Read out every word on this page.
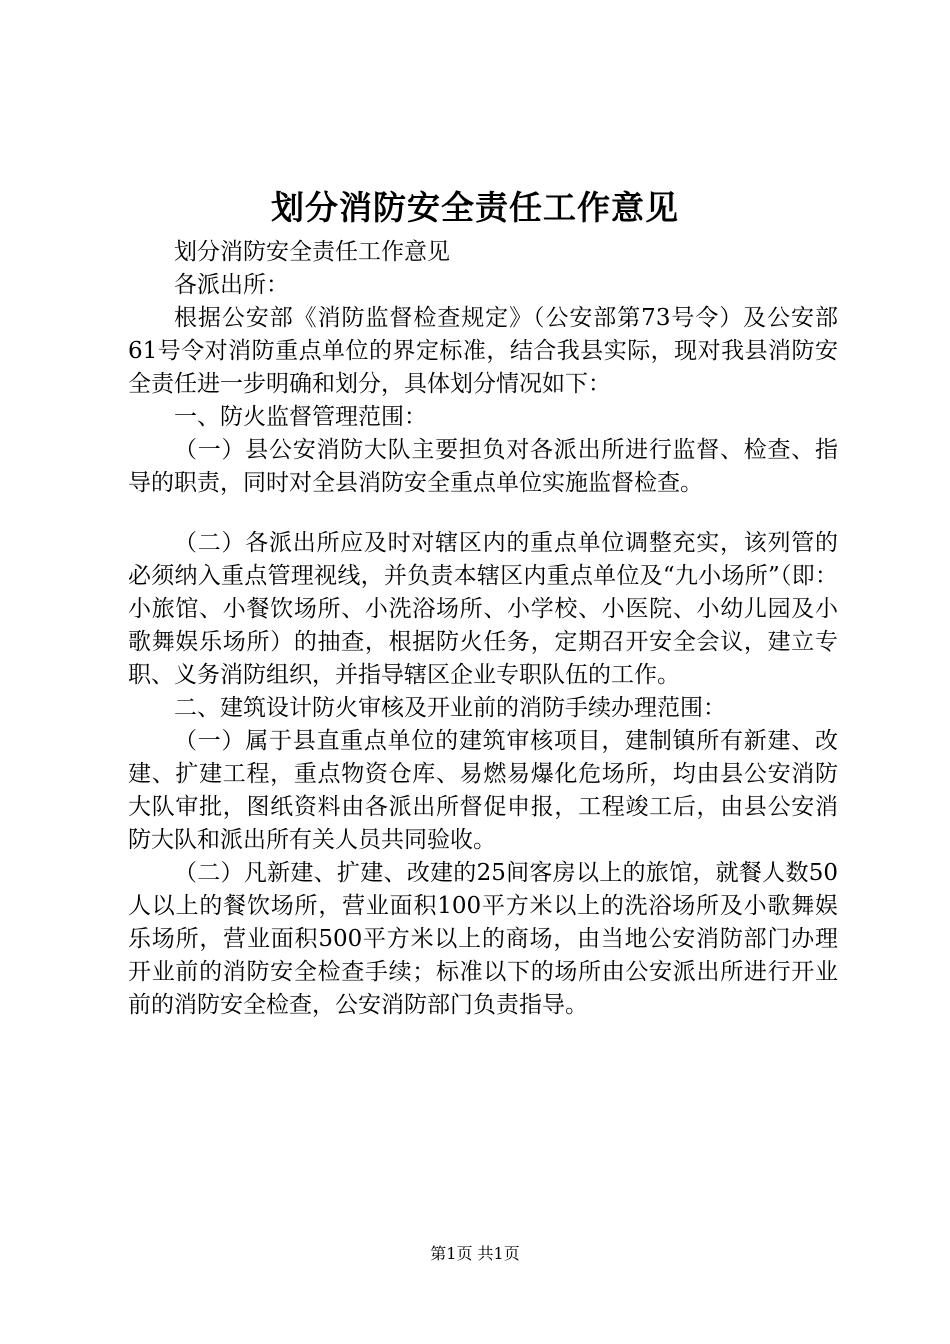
划分消防安全责任工作意见

划分消防安全责任工作意见

各派出所：

根据公安部《消防监督检查规定》（公安部第73号令）及公安部61号令对消防重点单位的界定标准，结合我县实际，现对我县消防安全责任进一步明确和划分，具体划分情况如下：

一、防火监督管理范围：

（一）县公安消防大队主要担负对各派出所进行监督、检查、指导的职责，同时对全县消防安全重点单位实施监督检查。

（二）各派出所应及时对辖区内的重点单位调整充实，该列管的必须纳入重点管理视线，并负责本辖区内重点单位及“九小场所”（即：小旅馆、小餐饮场所、小洗浴场所、小学校、小医院、小幼儿园及小歌舞娱乐场所）的抽查，根据防火任务，定期召开安全会议，建立专职、义务消防组织，并指导辖区企业专职队伍的工作。

二、建筑设计防火审核及开业前的消防手续办理范围：

（一）属于县直重点单位的建筑审核项目，建制镇所有新建、改建、扩建工程，重点物资仓库、易燃易爆化危场所，均由县公安消防大队审批，图纸资料由各派出所督促申报，工程竣工后，由县公安消防大队和派出所有关人员共同验收。

（二）凡新建、扩建、改建的25间客房以上的旅馆，就餐人数50人以上的餐饮场所，营业面积100平方米以上的洗浴场所及小歌舞娱乐场所，营业面积500平方米以上的商场，由当地公安消防部门办理开业前的消防安全检查手续；标准以下的场所由公安派出所进行开业前的消防安全检查，公安消防部门负责指导。

第1页 共1页
